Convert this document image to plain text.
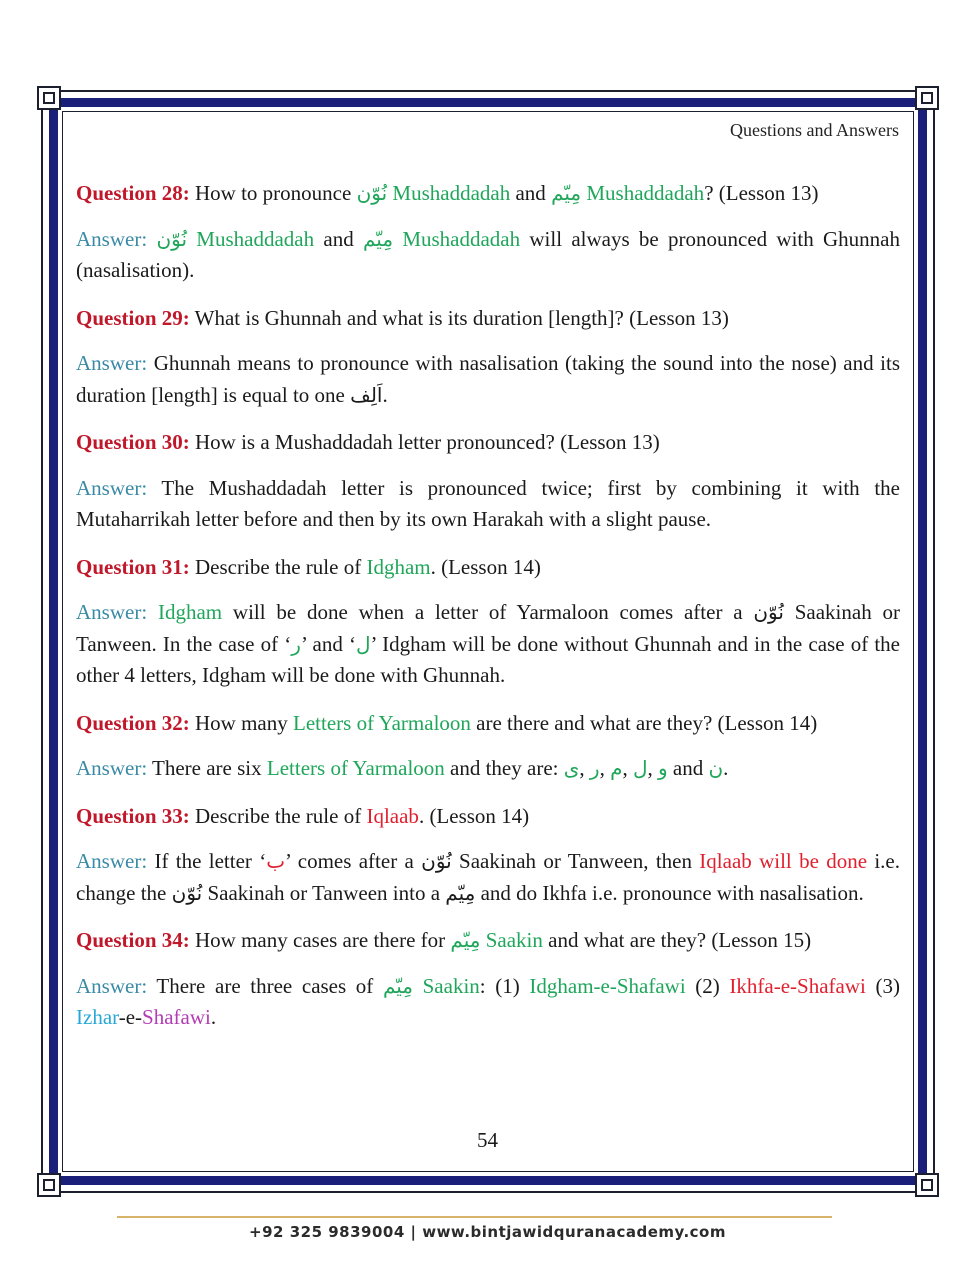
Questions and Answers

Question 28: How to pronounce نُوّن Mushaddadah and مِيّم Mushaddadah? (Lesson 13)

Answer: نُوّن Mushaddadah and مِيّم Mushaddadah will always be pronounced with Ghunnah (nasalisation).

Question 29: What is Ghunnah and what is its duration [length]? (Lesson 13)

Answer: Ghunnah means to pronounce with nasalisation (taking the sound into the nose) and its duration [length] is equal to one اَلِف.

Question 30: How is a Mushaddadah letter pronounced? (Lesson 13)

Answer: The Mushaddadah letter is pronounced twice; first by combining it with the Mutaharrikah letter before and then by its own Harakah with a slight pause.

Question 31: Describe the rule of Idgham. (Lesson 14)

Answer: Idgham will be done when a letter of Yarmaloon comes after a نُوّن Saakinah or Tanween. In the case of ‘ر’ and ‘ل’ Idgham will be done without Ghunnah and in the case of the other 4 letters, Idgham will be done with Ghunnah.

Question 32: How many Letters of Yarmaloon are there and what are they? (Lesson 14)

Answer: There are six Letters of Yarmaloon and they are: ی, ر, م, ل, و and ن.

Question 33: Describe the rule of Iqlaab. (Lesson 14)

Answer: If the letter ‘ب’ comes after a نُوّن Saakinah or Tanween, then Iqlaab will be done i.e. change the نُوّن Saakinah or Tanween into a مِيّم and do Ikhfa i.e. pronounce with nasalisation.

Question 34: How many cases are there for مِيّم Saakin and what are they? (Lesson 15)

Answer: There are three cases of مِيّم Saakin: (1) Idgham-e-Shafawi (2) Ikhfa-e-Shafawi (3) Izhar-e-Shafawi.

54
+92 325 9839004 | www.bintjawidquranacademy.com
